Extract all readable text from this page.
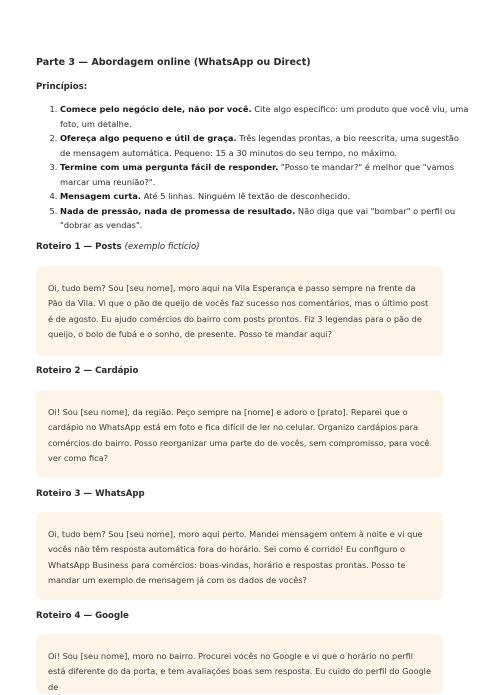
Parte 3 — Abordagem online (WhatsApp ou Direct)

Princípios:

1. Comece pelo negócio dele, não por você. Cite algo específico: um produto que você viu, uma foto, um detalhe.
2. Ofereça algo pequeno e útil de graça. Três legendas prontas, a bio reescrita, uma sugestão de mensagem automática. Pequeno: 15 a 30 minutos do seu tempo, no máximo.
3. Termine com uma pergunta fácil de responder. "Posso te mandar?" é melhor que "vamos marcar uma reunião?".
4. Mensagem curta. Até 5 linhas. Ninguém lê textão de desconhecido.
5. Nada de pressão, nada de promessa de resultado. Não diga que vai "bombar" o perfil ou "dobrar as vendas".

Roteiro 1 — Posts (exemplo fictício)

Oi, tudo bem? Sou [seu nome], moro aqui na Vila Esperança e passo sempre na frente da Pão da Vila. Vi que o pão de queijo de vocês faz sucesso nos comentários, mas o último post é de agosto. Eu ajudo comércios do bairro com posts prontos. Fiz 3 legendas para o pão de queijo, o bolo de fubá e o sonho, de presente. Posso te mandar aqui?

Roteiro 2 — Cardápio

Oi! Sou [seu nome], da região. Peço sempre na [nome] e adoro o [prato]. Reparei que o cardápio no WhatsApp está em foto e fica difícil de ler no celular. Organizo cardápios para comércios do bairro. Posso reorganizar uma parte do de vocês, sem compromisso, para você ver como fica?

Roteiro 3 — WhatsApp

Oi, tudo bem? Sou [seu nome], moro aqui perto. Mandei mensagem ontem à noite e vi que vocês não têm resposta automática fora do horário. Sei como é corrido! Eu configuro o WhatsApp Business para comércios: boas-vindas, horário e respostas prontas. Posso te mandar um exemplo de mensagem já com os dados de vocês?

Roteiro 4 — Google

Oi! Sou [seu nome], moro no bairro. Procurei vocês no Google e vi que o horário no perfil está diferente do da porta, e tem avaliações boas sem resposta. Eu cuido do perfil do Google de
